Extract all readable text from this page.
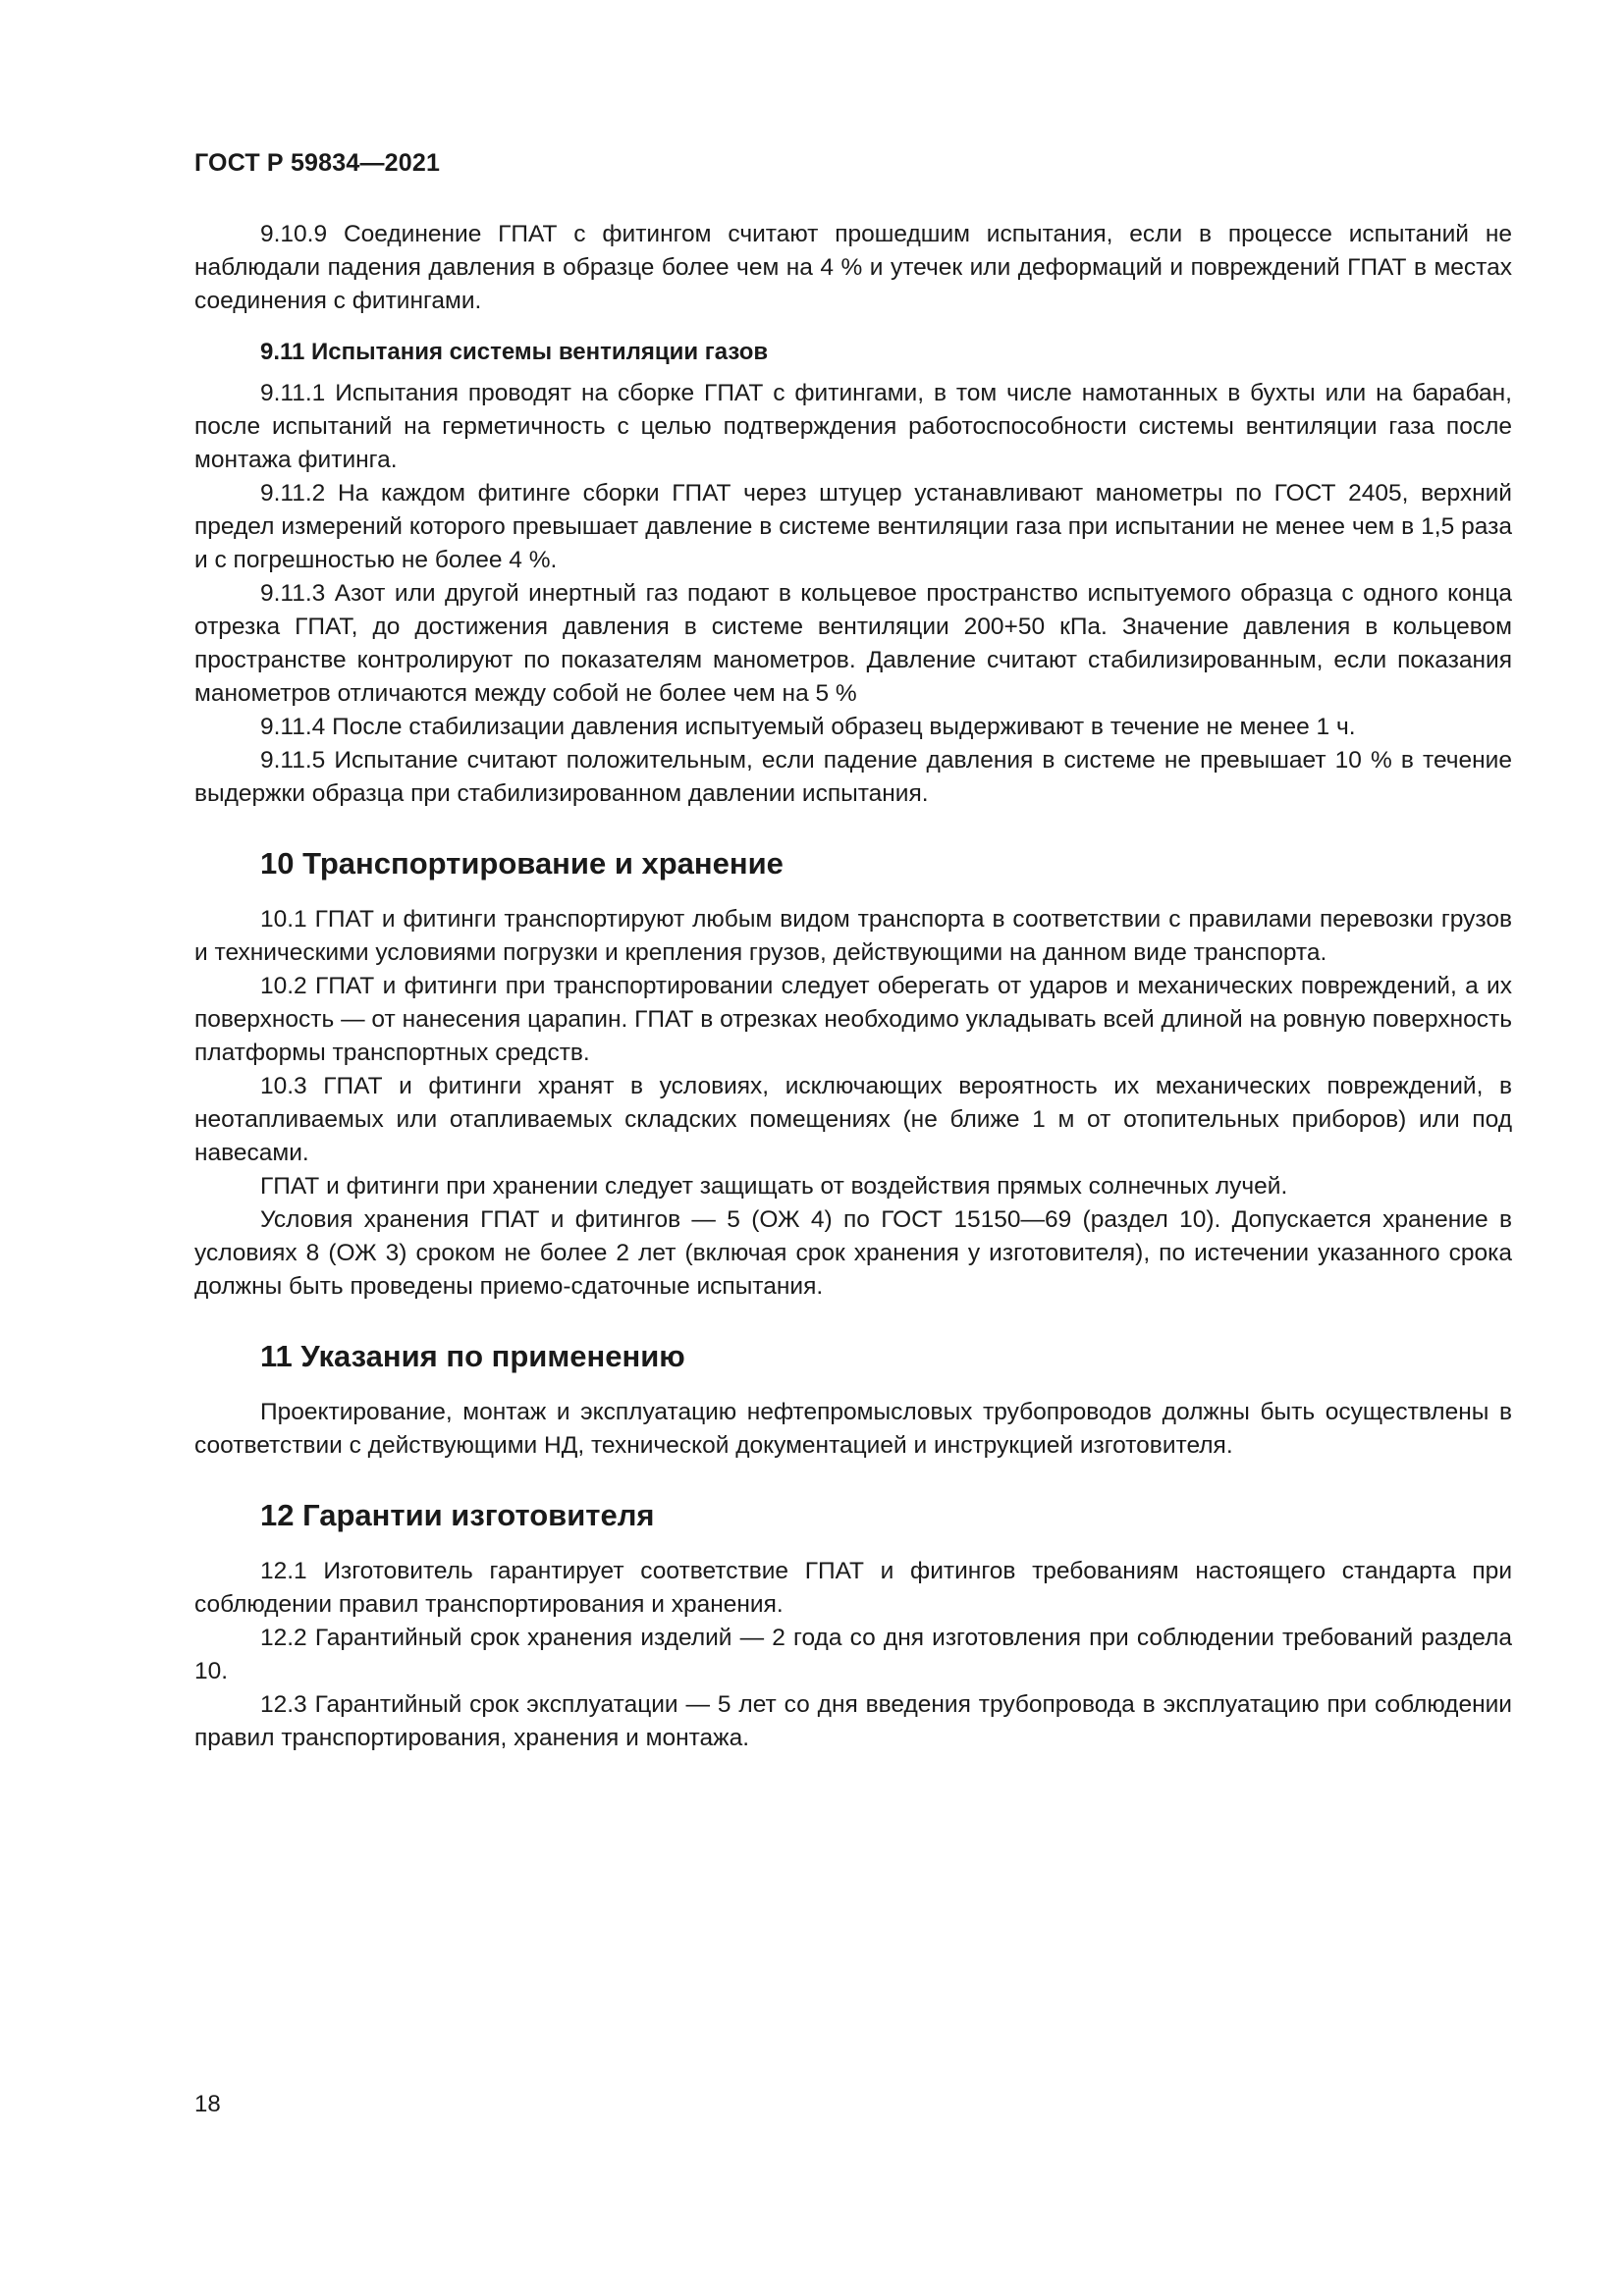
ГОСТ Р 59834—2021

9.10.9 Соединение ГПАТ с фитингом считают прошедшим испытания, если в процессе испытаний не наблюдали падения давления в образце более чем на 4 % и утечек или деформаций и повреждений ГПАТ в местах соединения с фитингами.

9.11 Испытания системы вентиляции газов

9.11.1 Испытания проводят на сборке ГПАТ с фитингами, в том числе намотанных в бухты или на барабан, после испытаний на герметичность с целью подтверждения работоспособности системы вентиляции газа после монтажа фитинга.

9.11.2 На каждом фитинге сборки ГПАТ через штуцер устанавливают манометры по ГОСТ 2405, верхний предел измерений которого превышает давление в системе вентиляции газа при испытании не менее чем в 1,5 раза и с погрешностью не более 4 %.

9.11.3 Азот или другой инертный газ подают в кольцевое пространство испытуемого образца с одного конца отрезка ГПАТ, до достижения давления в системе вентиляции 200+50 кПа. Значение давления в кольцевом пространстве контролируют по показателям манометров. Давление считают стабилизированным, если показания манометров отличаются между собой не более чем на 5 %

9.11.4 После стабилизации давления испытуемый образец выдерживают в течение не менее 1 ч.

9.11.5 Испытание считают положительным, если падение давления в системе не превышает 10 % в течение выдержки образца при стабилизированном давлении испытания.

10 Транспортирование и хранение

10.1 ГПАТ и фитинги транспортируют любым видом транспорта в соответствии с правилами перевозки грузов и техническими условиями погрузки и крепления грузов, действующими на данном виде транспорта.

10.2 ГПАТ и фитинги при транспортировании следует оберегать от ударов и механических повреждений, а их поверхность — от нанесения царапин. ГПАТ в отрезках необходимо укладывать всей длиной на ровную поверхность платформы транспортных средств.

10.3 ГПАТ и фитинги хранят в условиях, исключающих вероятность их механических повреждений, в неотапливаемых или отапливаемых складских помещениях (не ближе 1 м от отопительных приборов) или под навесами.

ГПАТ и фитинги при хранении следует защищать от воздействия прямых солнечных лучей.

Условия хранения ГПАТ и фитингов — 5 (ОЖ 4) по ГОСТ 15150—69 (раздел 10). Допускается хранение в условиях 8 (ОЖ 3) сроком не более 2 лет (включая срок хранения у изготовителя), по истечении указанного срока должны быть проведены приемо-сдаточные испытания.

11 Указания по применению

Проектирование, монтаж и эксплуатацию нефтепромысловых трубопроводов должны быть осуществлены в соответствии с действующими НД, технической документацией и инструкцией изготовителя.

12 Гарантии изготовителя

12.1 Изготовитель гарантирует соответствие ГПАТ и фитингов требованиям настоящего стандарта при соблюдении правил транспортирования и хранения.

12.2 Гарантийный срок хранения изделий — 2 года со дня изготовления при соблюдении требований раздела 10.

12.3 Гарантийный срок эксплуатации — 5 лет со дня введения трубопровода в эксплуатацию при соблюдении правил транспортирования, хранения и монтажа.

18
